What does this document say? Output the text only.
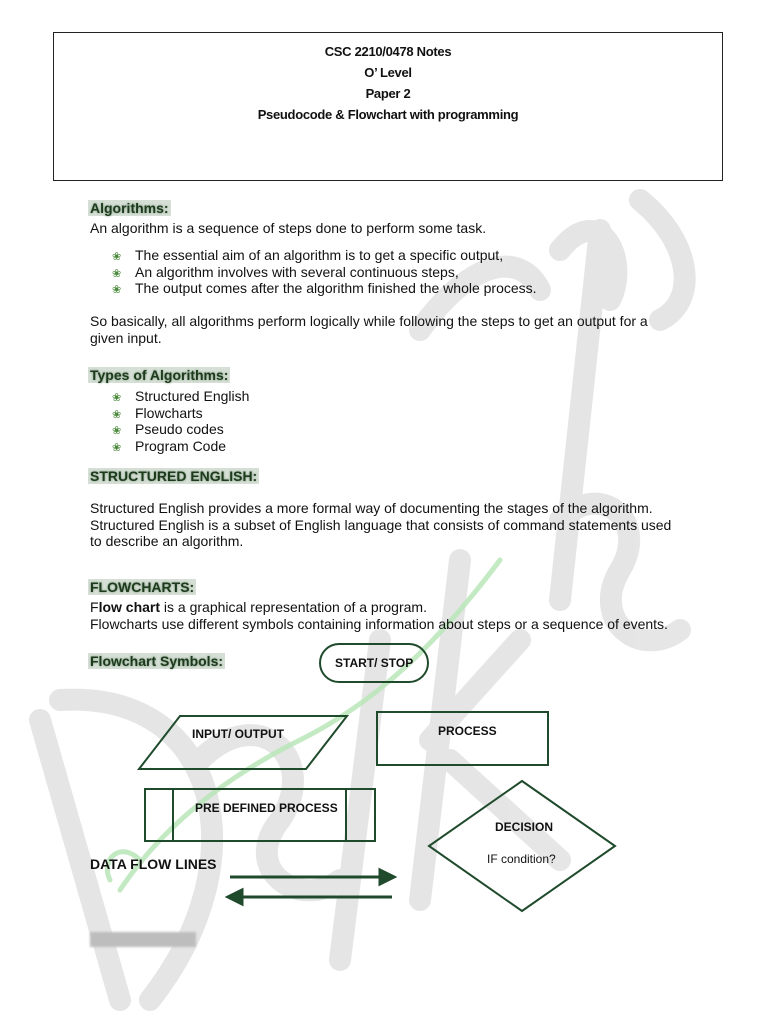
CSC 2210/0478 Notes
O’ Level
Paper 2
Pseudocode & Flowchart with programming
Algorithms:
An algorithm is a sequence of steps done to perform some task.
❀ The essential aim of an algorithm is to get a specific output,
❀ An algorithm involves with several continuous steps,
❀ The output comes after the algorithm finished the whole process.
So basically, all algorithms perform logically while following the steps to get an output for a
given input.
Types of Algorithms:
❀ Structured English
❀ Flowcharts
❀ Pseudo codes
❀ Program Code
STRUCTURED ENGLISH:
Structured English provides a more formal way of documenting the stages of the algorithm.
Structured English is a subset of English language that consists of command statements used
to describe an algorithm.
FLOWCHARTS:
Flow chart is a graphical representation of a program.
Flowcharts use different symbols containing information about steps or a sequence of events.
Flowchart Symbols:	START/ STOP
INPUT/ OUTPUT	PROCESS
PRE DEFINED PROCESS
DECISION
IF condition?
DATA FLOW LINES
